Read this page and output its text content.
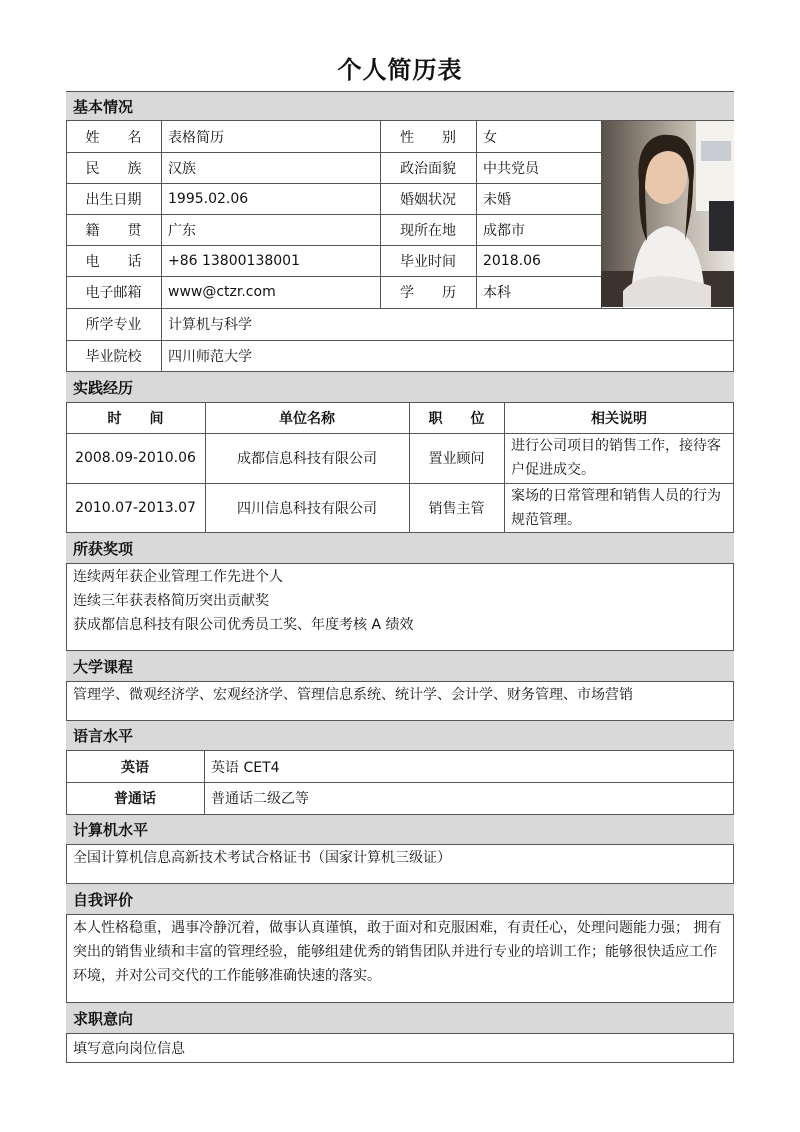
个人简历表
基本情况
姓　　名	表格简历	性　　别	女
民　　族	汉族	政治面貌	中共党员
出生日期	1995.02.06	婚姻状况	未婚
籍　　贯	广东	现所在地	成都市
电　　话	+86 13800138001	毕业时间	2018.06
电子邮箱	www@ctzr.com	学　　历	本科
所学专业	计算机与科学
毕业院校	四川师范大学
实践经历
时　　间	单位名称	职　　位	相关说明
2008.09-2010.06	成都信息科技有限公司	置业顾问
进行公司项目的销售工作，接待客
户促进成交。
2010.07-2013.07	四川信息科技有限公司	销售主管
案场的日常管理和销售人员的行为
规范管理。
所获奖项
连续两年获企业管理工作先进个人
连续三年获表格简历突出贡献奖
获成都信息科技有限公司优秀员工奖、年度考核 A 绩效
大学课程
管理学、微观经济学、宏观经济学、管理信息系统、统计学、会计学、财务管理、市场营销
语言水平
英语	英语 CET4
普通话	普通话二级乙等
计算机水平
全国计算机信息高新技术考试合格证书（国家计算机三级证）
自我评价
本人性格稳重，遇事冷静沉着，做事认真谨慎，敢于面对和克服困难，有责任心，处理问题能力强； 拥有
突出的销售业绩和丰富的管理经验，能够组建优秀的销售团队并进行专业的培训工作；能够很快适应工作
环境，并对公司交代的工作能够准确快速的落实。
求职意向
填写意向岗位信息
